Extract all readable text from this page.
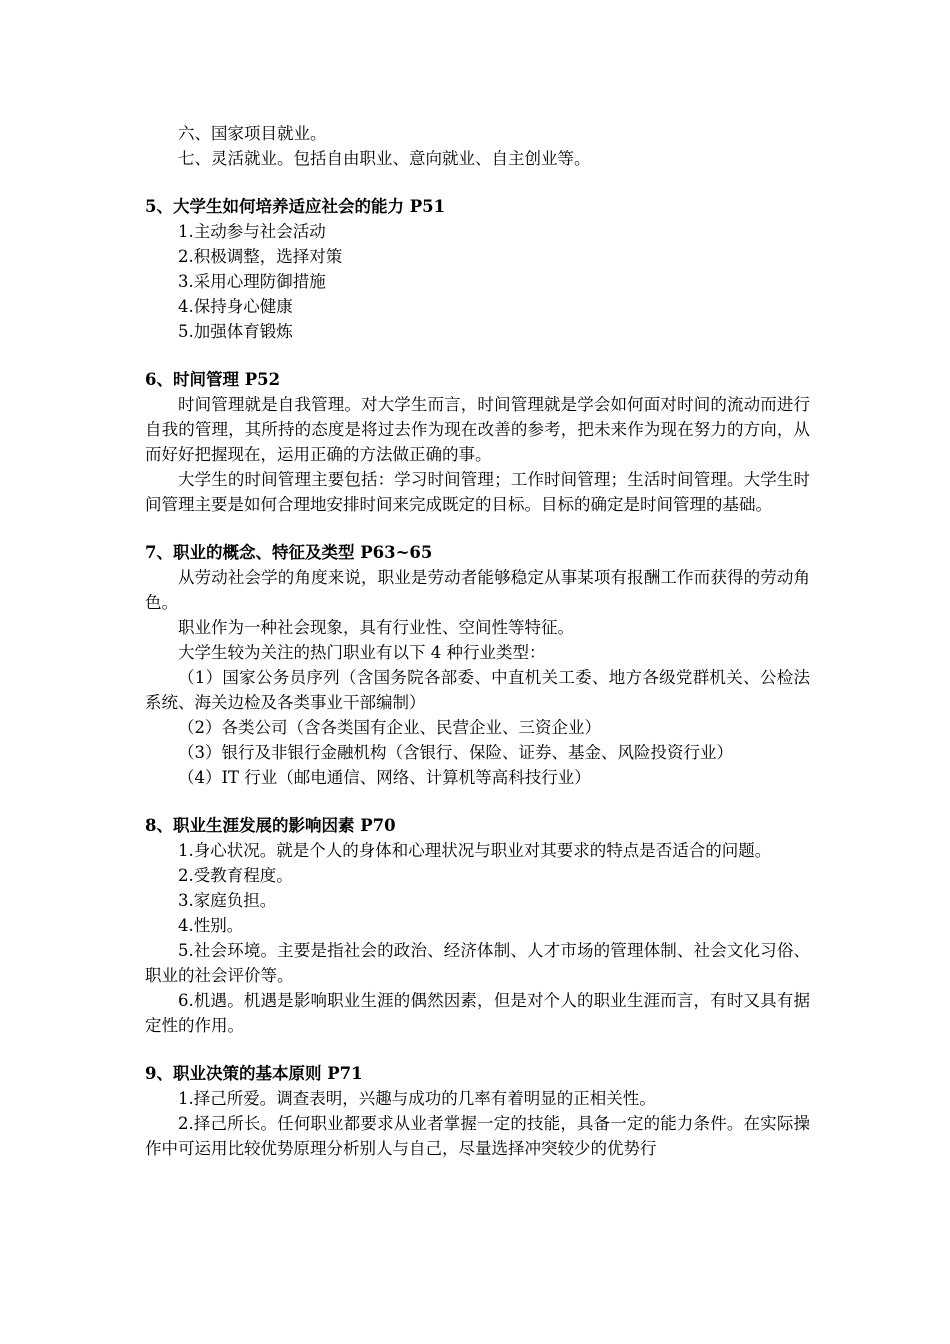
六、国家项目就业。

七、灵活就业。包括自由职业、意向就业、自主创业等。

5、大学生如何培养适应社会的能力 P51

1.主动参与社会活动

2.积极调整，选择对策

3.采用心理防御措施

4.保持身心健康

5.加强体育锻炼

6、时间管理 P52

时间管理就是自我管理。对大学生而言，时间管理就是学会如何面对时间的流动而进行自我的管理，其所持的态度是将过去作为现在改善的参考，把未来作为现在努力的方向，从而好好把握现在，运用正确的方法做正确的事。

大学生的时间管理主要包括：学习时间管理；工作时间管理；生活时间管理。大学生时间管理主要是如何合理地安排时间来完成既定的目标。目标的确定是时间管理的基础。

7、职业的概念、特征及类型 P63~65

从劳动社会学的角度来说，职业是劳动者能够稳定从事某项有报酬工作而获得的劳动角色。

职业作为一种社会现象，具有行业性、空间性等特征。

大学生较为关注的热门职业有以下 4 种行业类型：

（1）国家公务员序列（含国务院各部委、中直机关工委、地方各级党群机关、公检法系统、海关边检及各类事业干部编制）

（2）各类公司（含各类国有企业、民营企业、三资企业）

（3）银行及非银行金融机构（含银行、保险、证券、基金、风险投资行业）

（4）IT 行业（邮电通信、网络、计算机等高科技行业）

8、职业生涯发展的影响因素 P70

1.身心状况。就是个人的身体和心理状况与职业对其要求的特点是否适合的问题。

2.受教育程度。

3.家庭负担。

4.性别。

5.社会环境。主要是指社会的政治、经济体制、人才市场的管理体制、社会文化习俗、职业的社会评价等。

6.机遇。机遇是影响职业生涯的偶然因素，但是对个人的职业生涯而言，有时又具有据定性的作用。

9、职业决策的基本原则 P71

1.择己所爱。调查表明，兴趣与成功的几率有着明显的正相关性。

2.择己所长。任何职业都要求从业者掌握一定的技能，具备一定的能力条件。在实际操作中可运用比较优势原理分析别人与自己，尽量选择冲突较少的优势行
